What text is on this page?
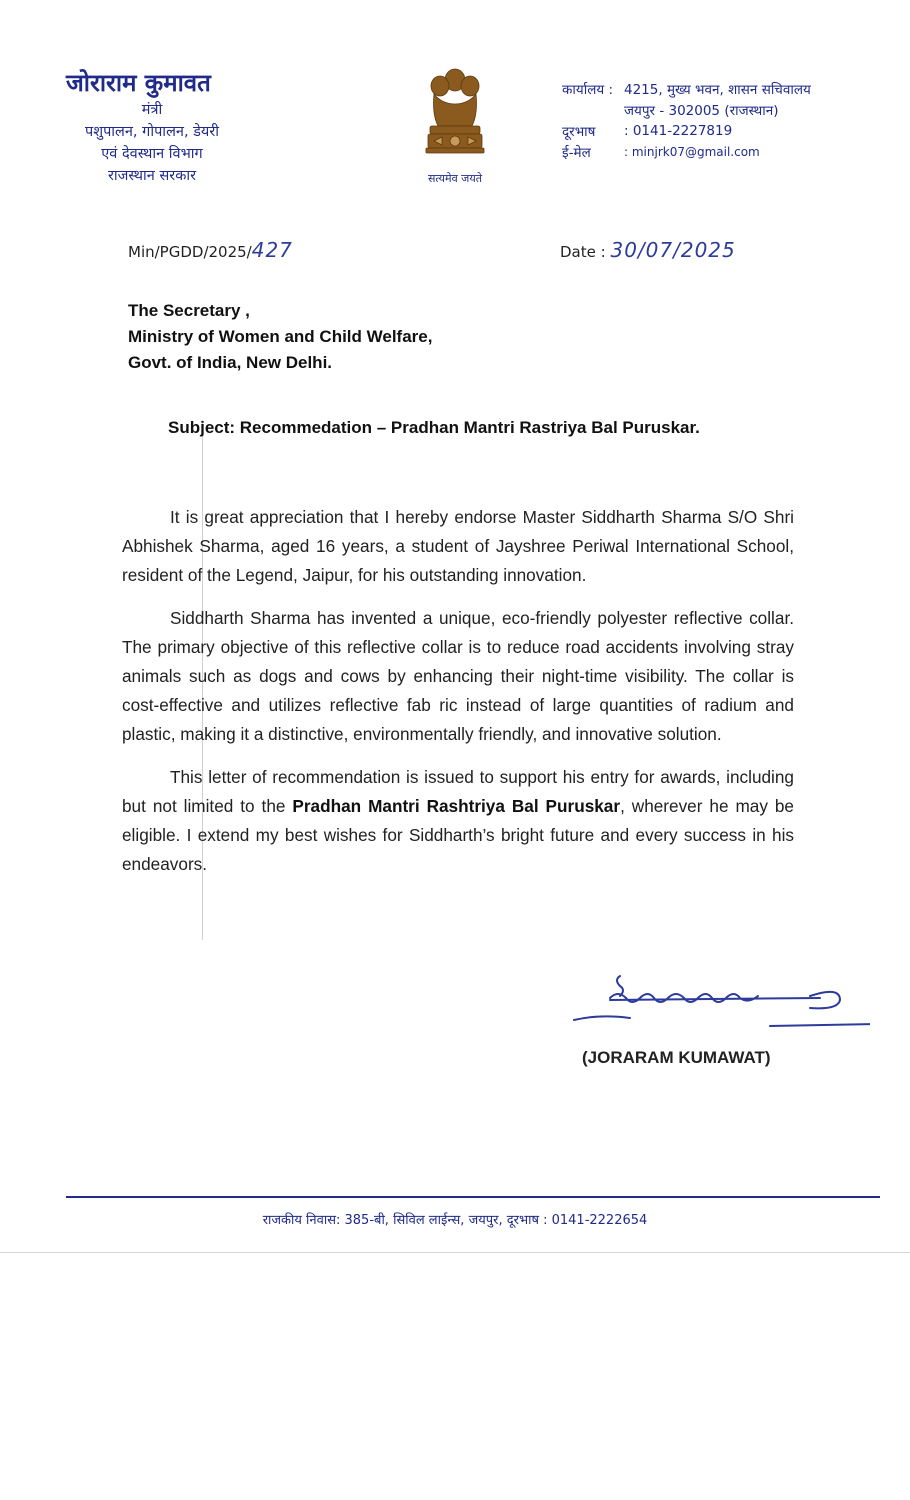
जोराराम कुमावत
मंत्री
पशुपालन, गोपालन, डेयरी
एवं देवस्थान विभाग
राजस्थान सरकार	सत्यमेव जयते
कार्यालय : 4215, मुख्य भवन, शासन सचिवालय
जयपुर - 302005 (राजस्थान)
दूरभाष	: 0141-2227819
ई-मेल	: minjrk07@gmail.com
Min/PGDD/2025/427	Date : 30/07/2025
The Secretary ,
Ministry of Women and Child Welfare,
Govt. of India, New Delhi.
Subject: Recommedation – Pradhan Mantri Rastriya Bal Puruskar.

It is great appreciation that I hereby endorse Master Siddharth Sharma S/O Shri Abhishek Sharma, aged 16 years, a student of Jayshree Periwal International School, resident of the Legend, Jaipur, for his outstanding innovation.

Siddharth Sharma has invented a unique, eco-friendly polyester reflective collar. The primary objective of this reflective collar is to reduce road accidents involving stray animals such as dogs and cows by enhancing their night-time visibility. The collar is cost-effective and utilizes reflective fab ric instead of large quantities of radium and plastic, making it a distinctive, environmentally friendly, and innovative solution.

This letter of recommendation is issued to support his entry for awards, including but not limited to the Pradhan Mantri Rashtriya Bal Puruskar, wherever he may be eligible. I extend my best wishes for Siddharth’s bright future and every success in his endeavors.

(JORARAM KUMAWAT)
राजकीय निवास: 385-बी, सिविल लाईन्स, जयपुर, दूरभाष : 0141-2222654
